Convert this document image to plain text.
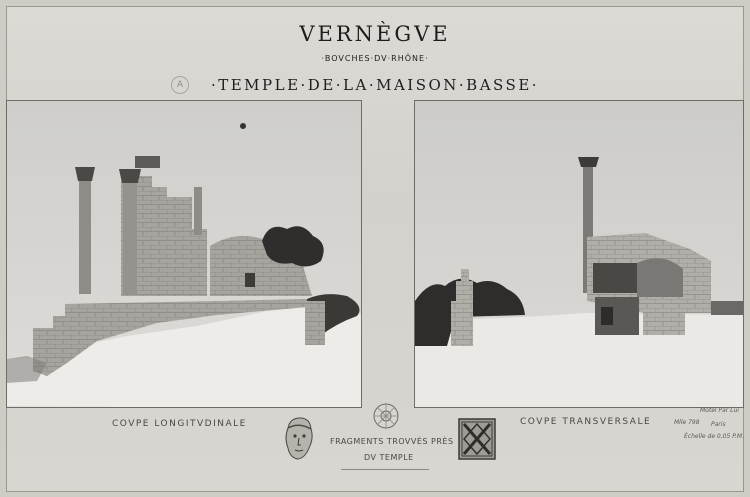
VERNÈGVE
·BOVCHES·DV·RHÔNE·
·TEMPLE·DE·LA·MAISON·BASSE·
A
COVPE LONGITVDINALE	COVPE TRANSVERSALE
FRAGMENTS TROVVÉS PRÈS
DV TEMPLE
Motel Par Lui
Mlle 798 Paris
Échelle de 0,05 P.M.
